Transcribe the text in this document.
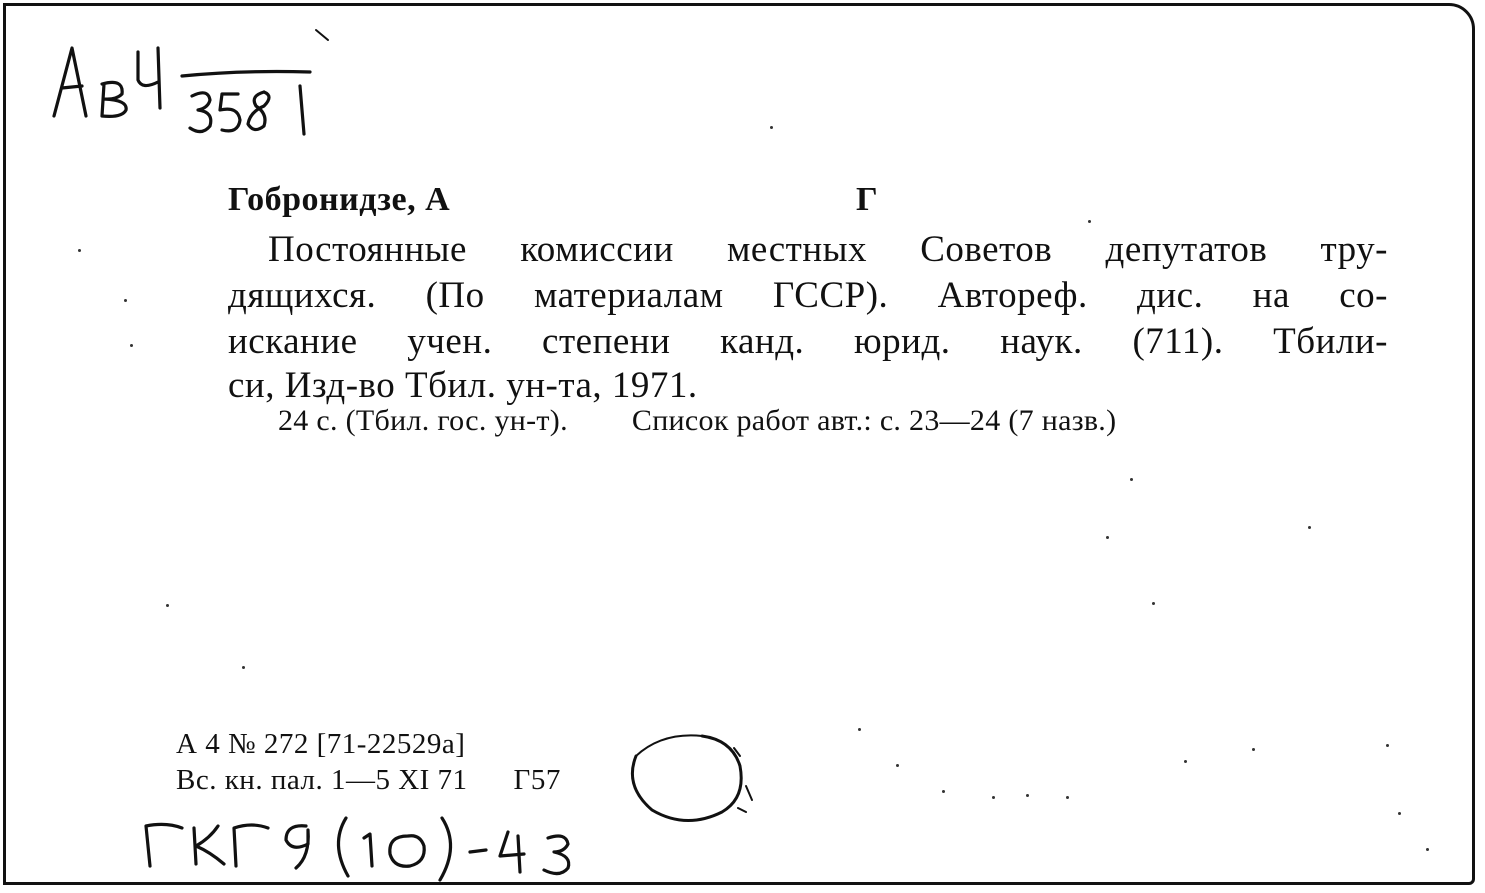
Гобронидзе, А	Г
Постоянные комиссии местных Советов депутатов тру-
дящихся. (По материалам ГССР). Автореф. дис. на со-
искание учен. степени канд. юрид. наук. (711). Тбили-
си, Изд-во Тбил. ун-та, 1971.
24 с. (Тбил. гос. ун-т). Список работ авт.: с. 23—24 (7 назв.)
А 4 № 272 [71-22529а]
Вс. кн. пал. 1—5 XI 71 Г57
